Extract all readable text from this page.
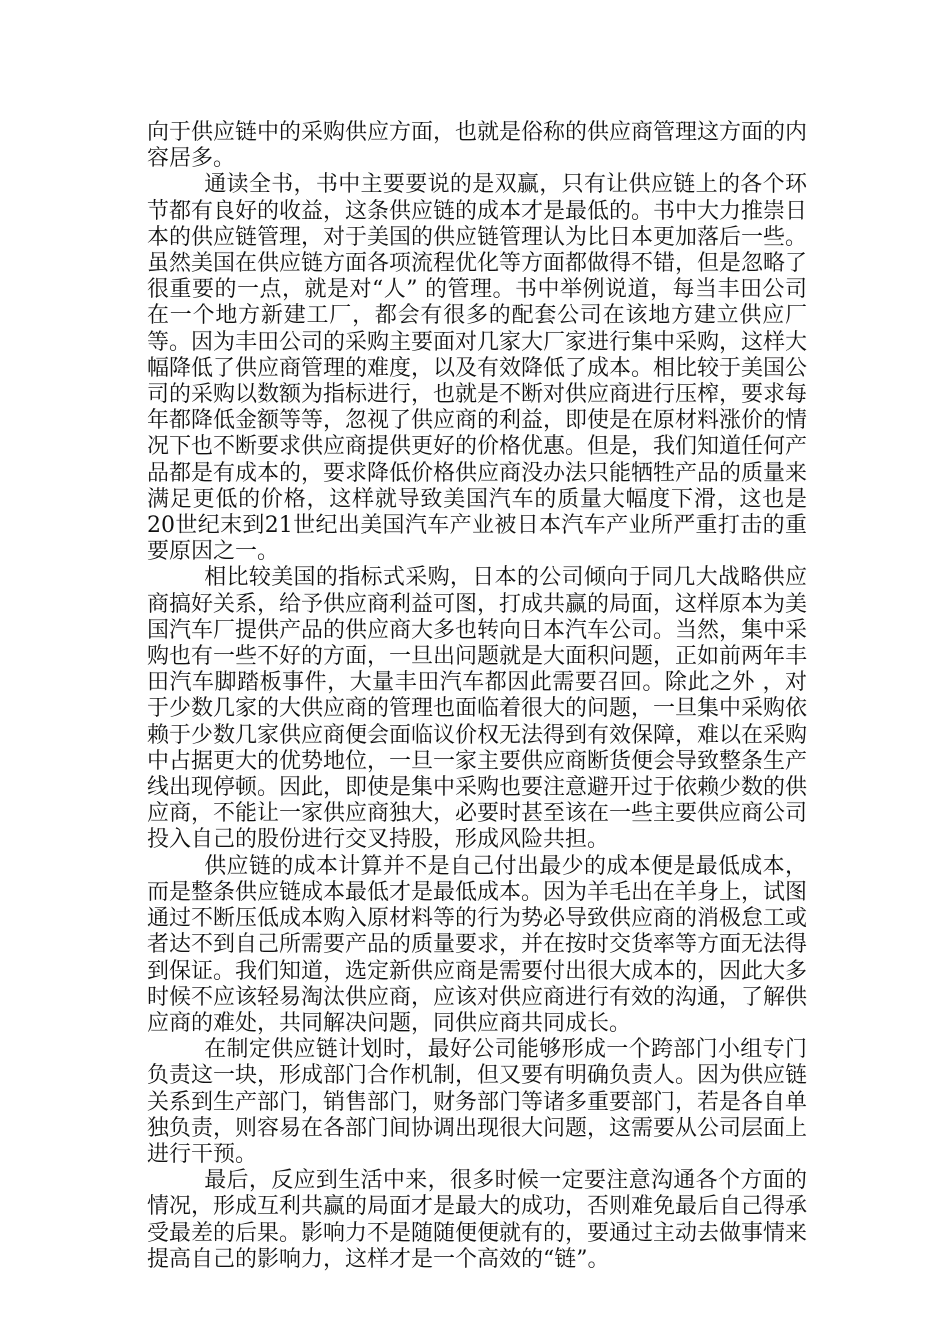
向于供应链中的采购供应方面，也就是俗称的供应商管理这方面的内容居多。

通读全书，书中主要要说的是双赢，只有让供应链上的各个环节都有良好的收益，这条供应链的成本才是最低的。书中大力推崇日本的供应链管理，对于美国的供应链管理认为比日本更加落后一些。虽然美国在供应链方面各项流程优化等方面都做得不错，但是忽略了很重要的一点，就是对“人” 的管理。书中举例说道，每当丰田公司在一个地方新建工厂，都会有很多的配套公司在该地方建立供应厂等。因为丰田公司的采购主要面对几家大厂家进行集中采购，这样大幅降低了供应商管理的难度，以及有效降低了成本。相比较于美国公司的采购以数额为指标进行，也就是不断对供应商进行压榨，要求每年都降低金额等等，忽视了供应商的利益，即使是在原材料涨价的情况下也不断要求供应商提供更好的价格优惠。但是，我们知道任何产品都是有成本的，要求降低价格供应商没办法只能牺牲产品的质量来满足更低的价格，这样就导致美国汽车的质量大幅度下滑，这也是20世纪末到21世纪出美国汽车产业被日本汽车产业所严重打击的重要原因之一。

相比较美国的指标式采购，日本的公司倾向于同几大战略供应商搞好关系，给予供应商利益可图，打成共赢的局面，这样原本为美国汽车厂提供产品的供应商大多也转向日本汽车公司。当然，集中采购也有一些不好的方面，一旦出问题就是大面积问题，正如前两年丰田汽车脚踏板事件，大量丰田汽车都因此需要召回。除此之外 ，对于少数几家的大供应商的管理也面临着很大的问题，一旦集中采购依赖于少数几家供应商便会面临议价权无法得到有效保障，难以在采购中占据更大的优势地位，一旦一家主要供应商断货便会导致整条生产线出现停顿。因此，即使是集中采购也要注意避开过于依赖少数的供应商，不能让一家供应商独大，必要时甚至该在一些主要供应商公司投入自己的股份进行交叉持股，形成风险共担。

供应链的成本计算并不是自己付出最少的成本便是最低成本，而是整条供应链成本最低才是最低成本。因为羊毛出在羊身上，试图通过不断压低成本购入原材料等的行为势必导致供应商的消极怠工或者达不到自己所需要产品的质量要求，并在按时交货率等方面无法得到保证。我们知道，选定新供应商是需要付出很大成本的，因此大多时候不应该轻易淘汰供应商，应该对供应商进行有效的沟通，了解供应商的难处，共同解决问题，同供应商共同成长。

在制定供应链计划时，最好公司能够形成一个跨部门小组专门负责这一块，形成部门合作机制，但又要有明确负责人。因为供应链关系到生产部门，销售部门，财务部门等诸多重要部门，若是各自单独负责，则容易在各部门间协调出现很大问题，这需要从公司层面上进行干预。

最后，反应到生活中来，很多时候一定要注意沟通各个方面的情况，形成互利共赢的局面才是最大的成功，否则难免最后自己得承受最差的后果。影响力不是随随便便就有的，要通过主动去做事情来提高自己的影响力，这样才是一个高效的“链”。
